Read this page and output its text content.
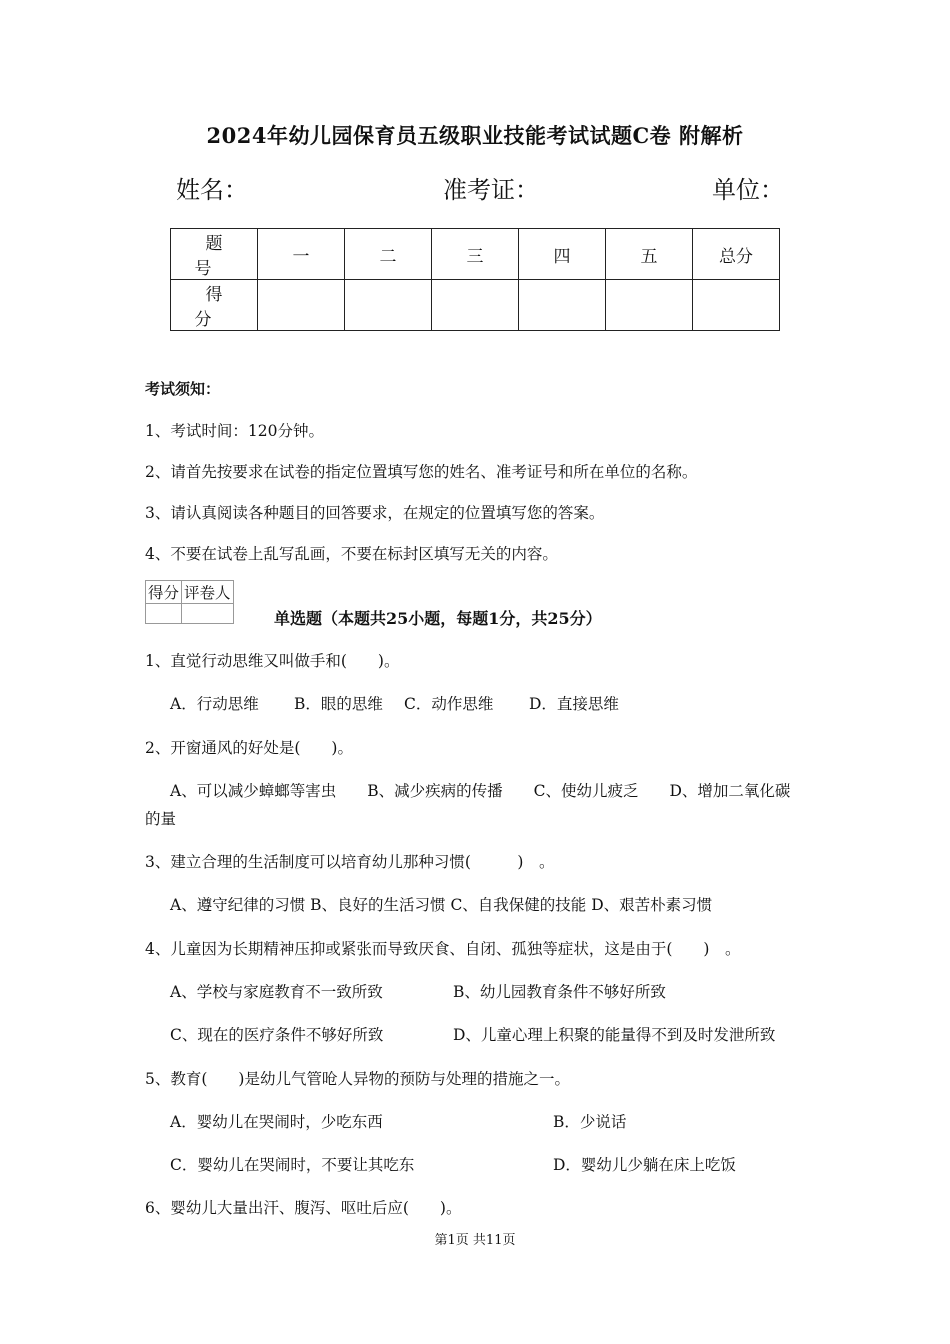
2024年幼儿园保育员五级职业技能考试试题C卷 附解析
姓名：	准考证：	单位：
题 号	一	二	三	四	五	总分
得 分						
考试须知：
1、考试时间：120分钟。
2、请首先按要求在试卷的指定位置填写您的姓名、准考证号和所在单位的名称。
3、请认真阅读各种题目的回答要求，在规定的位置填写您的答案。
4、不要在试卷上乱写乱画，不要在标封区填写无关的内容。
得分	评卷人

单选题（本题共25小题，每题1分，共25分）
1、直觉行动思维又叫做手和(　　)。
A．行动思维 B．眼的思维 C．动作思维 D．直接思维
2、开窗通风的好处是(　　)。
A、可以减少蟑螂等害虫　　B、减少疾病的传播　　C、使幼儿疲乏　　D、增加二氧化碳
的量
3、建立合理的生活制度可以培育幼儿那种习惯(　　　)　。
A、遵守纪律的习惯 B、良好的生活习惯 C、自我保健的技能 D、艰苦朴素习惯
4、儿童因为长期精神压抑或紧张而导致厌食、自闭、孤独等症状，这是由于(　　)　。
A、学校与家庭教育不一致所致	B、幼儿园教育条件不够好所致
C、现在的医疗条件不够好所致	D、儿童心理上积聚的能量得不到及时发泄所致
5、教育(　　)是幼儿气管呛人异物的预防与处理的措施之一。
A．婴幼儿在哭闹时，少吃东西	B．少说话
C．婴幼儿在哭闹时，不要让其吃东	D．婴幼儿少躺在床上吃饭
6、婴幼儿大量出汗、腹泻、呕吐后应(　　)。
第1页 共11页
